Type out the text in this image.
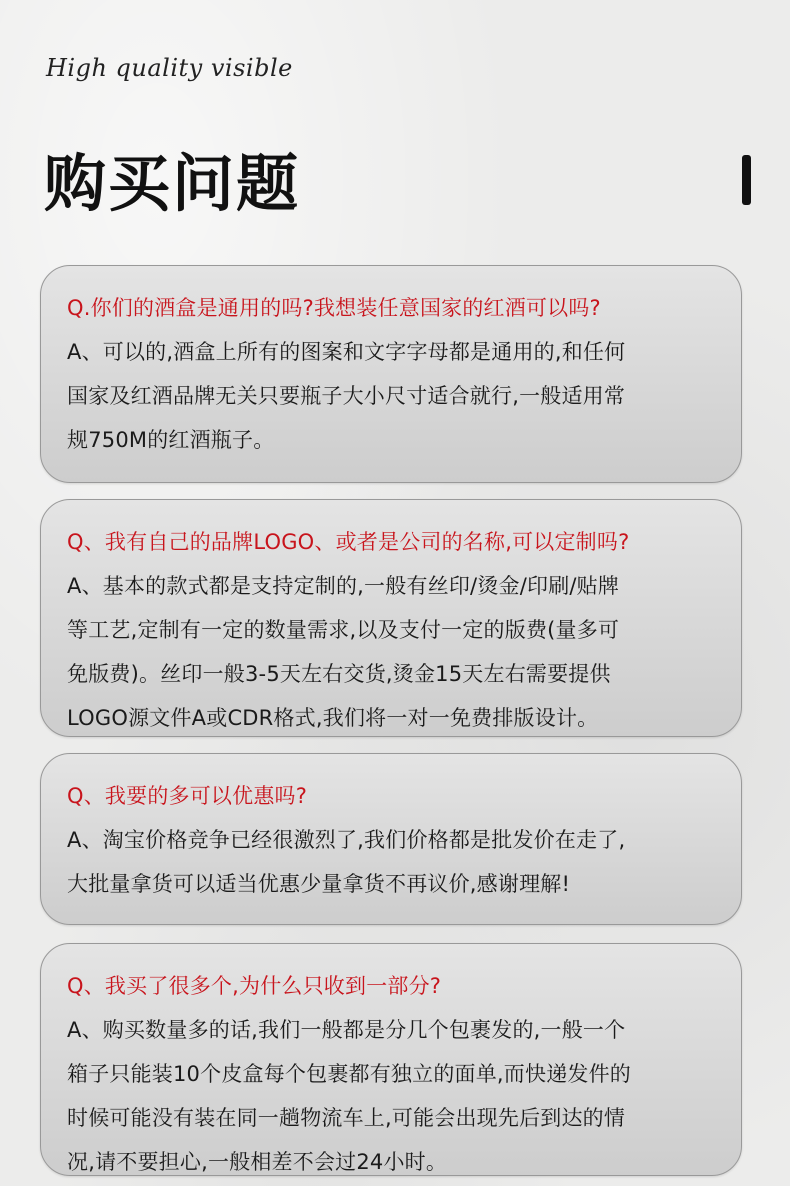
High quality visible
购买问题
Q.你们的酒盒是通用的吗?我想装任意国家的红酒可以吗?
A、可以的,酒盒上所有的图案和文字字母都是通用的,和任何
国家及红酒品牌无关只要瓶子大小尺寸适合就行,一般适用常
规750M的红酒瓶子。
Q、我有自己的品牌LOGO、或者是公司的名称,可以定制吗?
A、基本的款式都是支持定制的,一般有丝印/烫金/印刷/贴牌
等工艺,定制有一定的数量需求,以及支付一定的版费(量多可
免版费)。丝印一般3-5天左右交货,烫金15天左右需要提供
LOGO源文件A或CDR格式,我们将一对一免费排版设计。
Q、我要的多可以优惠吗?
A、淘宝价格竞争已经很激烈了,我们价格都是批发价在走了,
大批量拿货可以适当优惠少量拿货不再议价,感谢理解!
Q、我买了很多个,为什么只收到一部分?
A、购买数量多的话,我们一般都是分几个包裹发的,一般一个
箱子只能装10个皮盒每个包裹都有独立的面单,而快递发件的
时候可能没有装在同一趟物流车上,可能会出现先后到达的情
况,请不要担心,一般相差不会过24小时。
